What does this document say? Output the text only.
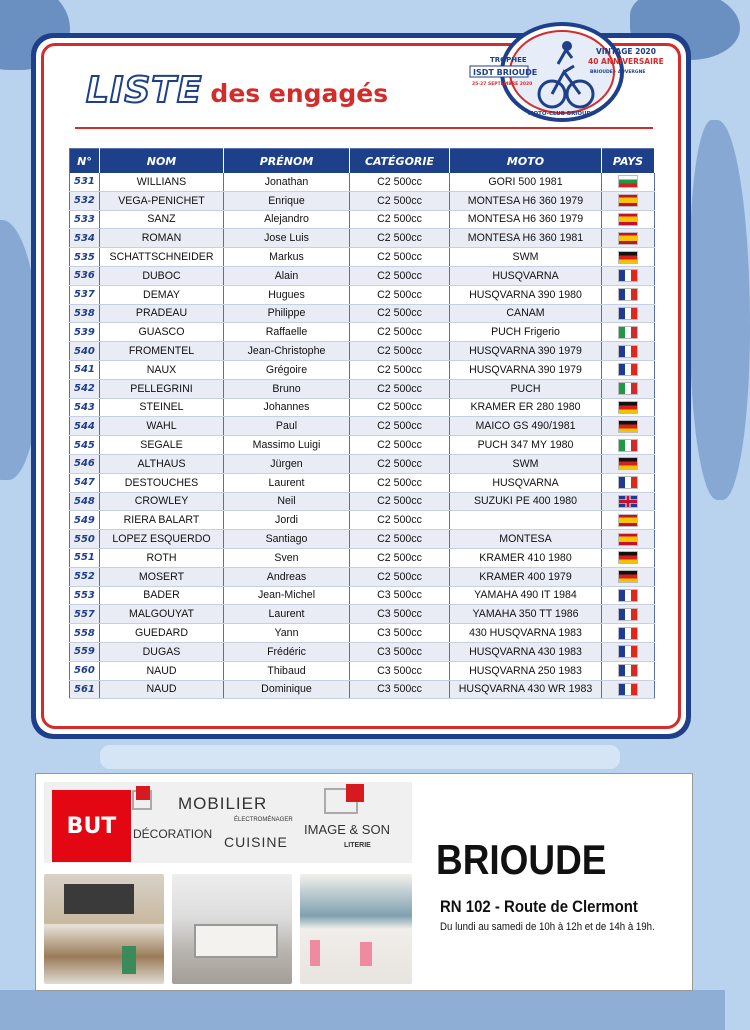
LISTE des engagés
TROPHEE
ISDT BRIOUDE
25-27 SEPTEMBRE 2020
VINTAGE 2020
40 ANNIVERSAIRE
BRIOUDE - AUVERGNE
MOTO-CLUB BRIOUDE
N°	NOM	PRÉNOM	CATÉGORIE	MOTO	PAYS
531	WILLIANS	Jonathan	C2 500cc	GORI 500 1981	
532	VEGA-PENICHET	Enrique	C2 500cc	MONTESA H6 360 1979	
533	SANZ	Alejandro	C2 500cc	MONTESA H6 360 1979	
534	ROMAN	Jose Luis	C2 500cc	MONTESA H6 360 1981	
535	SCHATTSCHNEIDER	Markus	C2 500cc	SWM	
536	DUBOC	Alain	C2 500cc	HUSQVARNA	
537	DEMAY	Hugues	C2 500cc	HUSQVARNA 390 1980	
538	PRADEAU	Philippe	C2 500cc	CANAM	
539	GUASCO	Raffaelle	C2 500cc	PUCH Frigerio	
540	FROMENTEL	Jean-Christophe	C2 500cc	HUSQVARNA 390 1979	
541	NAUX	Grégoire	C2 500cc	HUSQVARNA 390 1979	
542	PELLEGRINI	Bruno	C2 500cc	PUCH	
543	STEINEL	Johannes	C2 500cc	KRAMER ER 280 1980	
544	WAHL	Paul	C2 500cc	MAICO GS 490/1981	
545	SEGALE	Massimo Luigi	C2 500cc	PUCH 347 MY 1980	
546	ALTHAUS	Jürgen	C2 500cc	SWM	
547	DESTOUCHES	Laurent	C2 500cc	HUSQVARNA	
548	CROWLEY	Neil	C2 500cc	SUZUKI PE 400 1980	
549	RIERA BALART	Jordi	C2 500cc		
550	LOPEZ ESQUERDO	Santiago	C2 500cc	MONTESA	
551	ROTH	Sven	C2 500cc	KRAMER 410 1980	
552	MOSERT	Andreas	C2 500cc	KRAMER 400 1979	
553	BADER	Jean-Michel	C3 500cc	YAMAHA 490 IT 1984	
557	MALGOUYAT	Laurent	C3 500cc	YAMAHA 350 TT 1986	
558	GUEDARD	Yann	C3 500cc	430 HUSQVARNA 1983	
559	DUGAS	Frédéric	C3 500cc	HUSQVARNA 430 1983	
560	NAUD	Thibaud	C3 500cc	HUSQVARNA 250 1983	
561	NAUD	Dominique	C3 500cc	HUSQVARNA 430 WR 1983	
BUT
MOBILIER
DÉCORATION
ÉLECTROMÉNAGER
CUISINE
IMAGE & SON
LITERIE BRIOUDE
RN 102 - Route de Clermont
Du lundi au samedi de 10h à 12h et de 14h à 19h.
